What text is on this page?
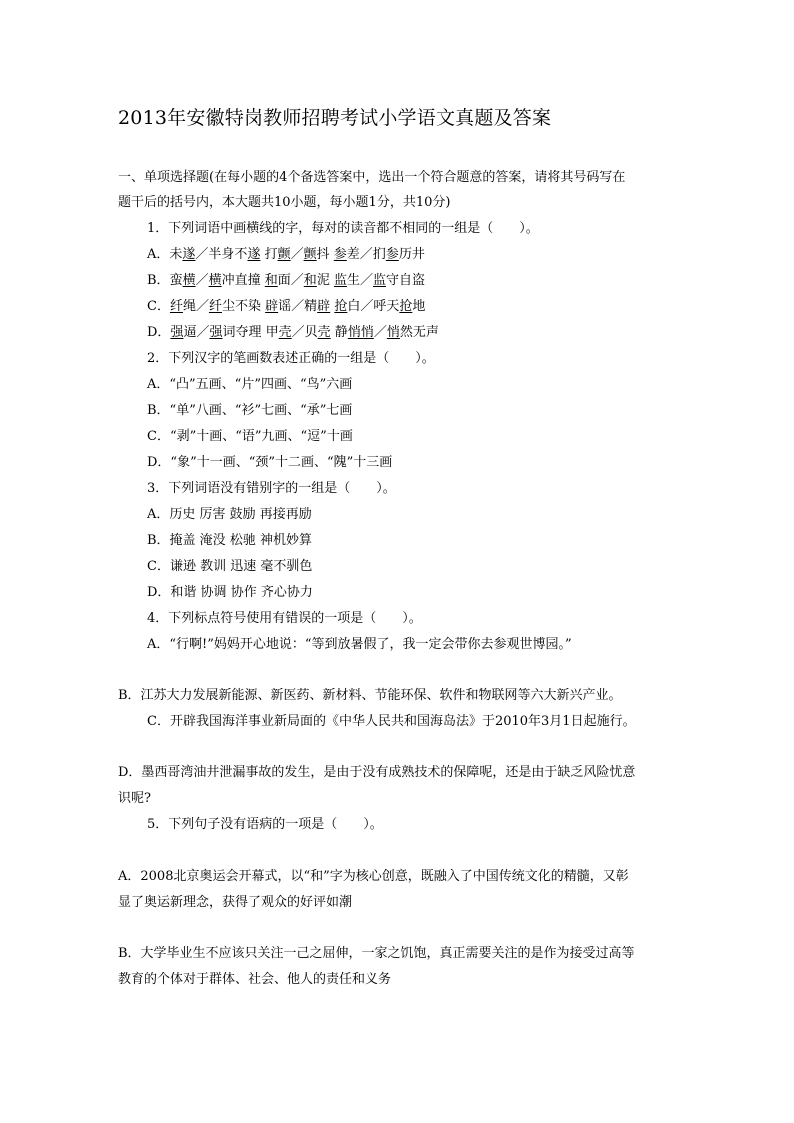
2013年安徽特岗教师招聘考试小学语文真题及答案
一、单项选择题(在每小题的4个备选答案中，选出一个符合题意的答案，请将其号码写在
题干后的括号内，本大题共10小题，每小题1分，共10分)
1．下列词语中画横线的字，每对的读音都不相同的一组是（　　）。
A．未遂／半身不遂 打颤／颤抖 参差／扪参历井
B．蛮横／横冲直撞 和面／和泥 监生／监守自盗
C．纤绳／纤尘不染 辟谣／精辟 抢白／呼天抢地
D．强逼／强词夺理 甲壳／贝壳 静悄悄／悄然无声
2．下列汉字的笔画数表述正确的一组是（　　）。
A．“凸”五画、“片”四画、“鸟”六画
B．“单”八画、“衫”七画、“承”七画
C．“剥”十画、“语”九画、“逗”十画
D．“象”十一画、“颈”十二画、“隗”十三画
3．下列词语没有错别字的一组是（　　）。
A．历史 厉害 鼓励 再接再励
B．掩盖 淹没 松驰 神机妙算
C．谦逊 教训 迅速 毫不驯色
D．和谐 协调 协作 齐心协力
4．下列标点符号使用有错误的一项是（　　）。
A．“行啊!”妈妈开心地说：“等到放暑假了，我一定会带你去参观世博园。”
B．江苏大力发展新能源、新医药、新材料、节能环保、软件和物联网等六大新兴产业。
C．开辟我国海洋事业新局面的《中华人民共和国海岛法》于2010年3月1日起施行。
D．墨西哥湾油井泄漏事故的发生，是由于没有成熟技术的保障呢，还是由于缺乏风险忧意
识呢?
5．下列句子没有语病的一项是（　　）。
A．2008北京奥运会开幕式，以“和”字为核心创意，既融入了中国传统文化的精髓，又彰
显了奥运新理念，获得了观众的好评如潮
B．大学毕业生不应该只关注一己之屈伸，一家之饥饱，真正需要关注的是作为接受过高等
教育的个体对于群体、社会、他人的责任和义务
